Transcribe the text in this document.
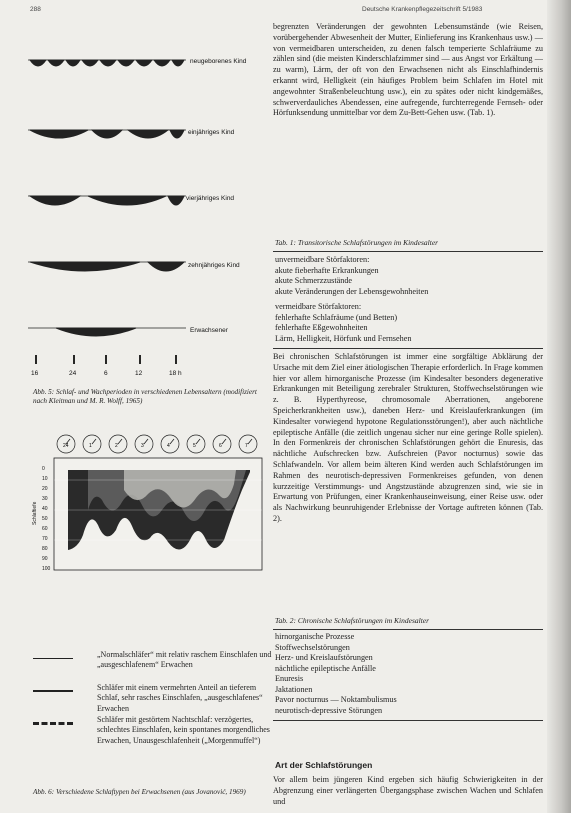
288	Deutsche Krankenpflegezeitschrift 5/1983
neugeborenes Kind
einjähriges Kind
vierjähriges Kind
zehnjähriges Kind
Erwachsener
16	24	6	12	18 h
Abb. 5: Schlaf- und Wachperioden in verschiedenen Lebensaltern (modifiziert nach Kleitman und M. R. Wolff, 1965)
Schlaftiefe
24	1	2	3	4	5	6	7
0
10
20
30
40
50
60
70
80
90
100
„Normalschläfer“ mit relativ raschem Einschlafen und „ausgeschlafenem“ Erwachen
Schläfer mit einem vermehrten Anteil an tieferem Schlaf, sehr rasches Einschlafen, „ausgeschlafenes“ Erwachen
Schläfer mit gestörtem Nachtschlaf: verzögertes, schlechtes Einschlafen, kein spontanes morgendliches Erwachen, Unausgeschlafenheit („Morgenmuffel“)
Abb. 6: Verschiedene Schlaftypen bei Erwachsenen (aus Jovanović, 1969)

begrenzten Veränderungen der gewohnten Lebensumstände (wie Reisen, vorübergehender Abwesenheit der Mutter, Einlieferung ins Krankenhaus usw.) — von vermeidbaren unterscheiden, zu denen falsch temperierte Schlafräume zu zählen sind (die meisten Kinderschlafzimmer sind — aus Angst vor Erkältung — zu warm), Lärm, der oft von den Erwachsenen nicht als Einschlafhindernis erkannt wird, Helligkeit (ein häufiges Problem beim Schlafen im Hotel mit angewohnter Straßenbeleuchtung usw.), ein zu spätes oder nicht kindgemäßes, schwerverdauliches Abendessen, eine aufregende, furchterregende Fernseh- oder Hörfunksendung unmittelbar vor dem Zu-Bett-Gehen usw. (Tab. 1).

Tab. 1: Transitorische Schlafstörungen im Kindesalter
unvermeidbare Störfaktoren:
akute fieberhafte Erkrankungen
akute Schmerzzustände
akute Veränderungen der Lebensgewohnheiten
vermeidbare Störfaktoren:
fehlerhafte Schlafräume (und Betten)
fehlerhafte Eßgewohnheiten
Lärm, Helligkeit, Hörfunk und Fernsehen

Bei chronischen Schlafstörungen ist immer eine sorgfältige Abklärung der Ursache mit dem Ziel einer ätiologischen Therapie erforderlich. In Frage kommen hier vor allem hirnorganische Prozesse (im Kindesalter besonders degenerative Erkrankungen mit Beteiligung zerebraler Strukturen, Stoffwechselstörungen wie z. B. Hyperthyreose, chromosomale Aberrationen, angeborene Speicherkrankheiten usw.), daneben Herz- und Kreislauferkrankungen (im Kindesalter vorwiegend hypotone Regulationsstörungen!), aber auch nächtliche epileptische Anfälle (die zeitlich ungenau sicher nur eine geringe Rolle spielen). In den Formenkreis der chronischen Schlafstörungen gehört die Enuresis, das nächtliche Aufschrecken bzw. Aufschreien (Pavor nocturnus) sowie das Schlafwandeln. Vor allem beim älteren Kind werden auch Schlafstörungen im Rahmen des neurotisch-depressiven Formenkreises gefunden, von denen kurzzeitige Verstimmungs- und Angstzustände abzugrenzen sind, wie sie in Erwartung von Prüfungen, einer Krankenhauseinweisung, einer Reise usw. oder als Nachwirkung beunruhigender Erlebnisse der Vortage auftreten können (Tab. 2).

Tab. 2: Chronische Schlafstörungen im Kindesalter
hirnorganische Prozesse
Stoffwechselstörungen
Herz- und Kreislaufstörungen
nächtliche epileptische Anfälle
Enuresis
Jaktationen
Pavor nocturnus — Noktambulismus
neurotisch-depressive Störungen
Art der Schlafstörungen

Vor allem beim jüngeren Kind ergeben sich häufig Schwierigkeiten in der Abgrenzung einer verlängerten Übergangsphase zwischen Wachen und Schlafen und
